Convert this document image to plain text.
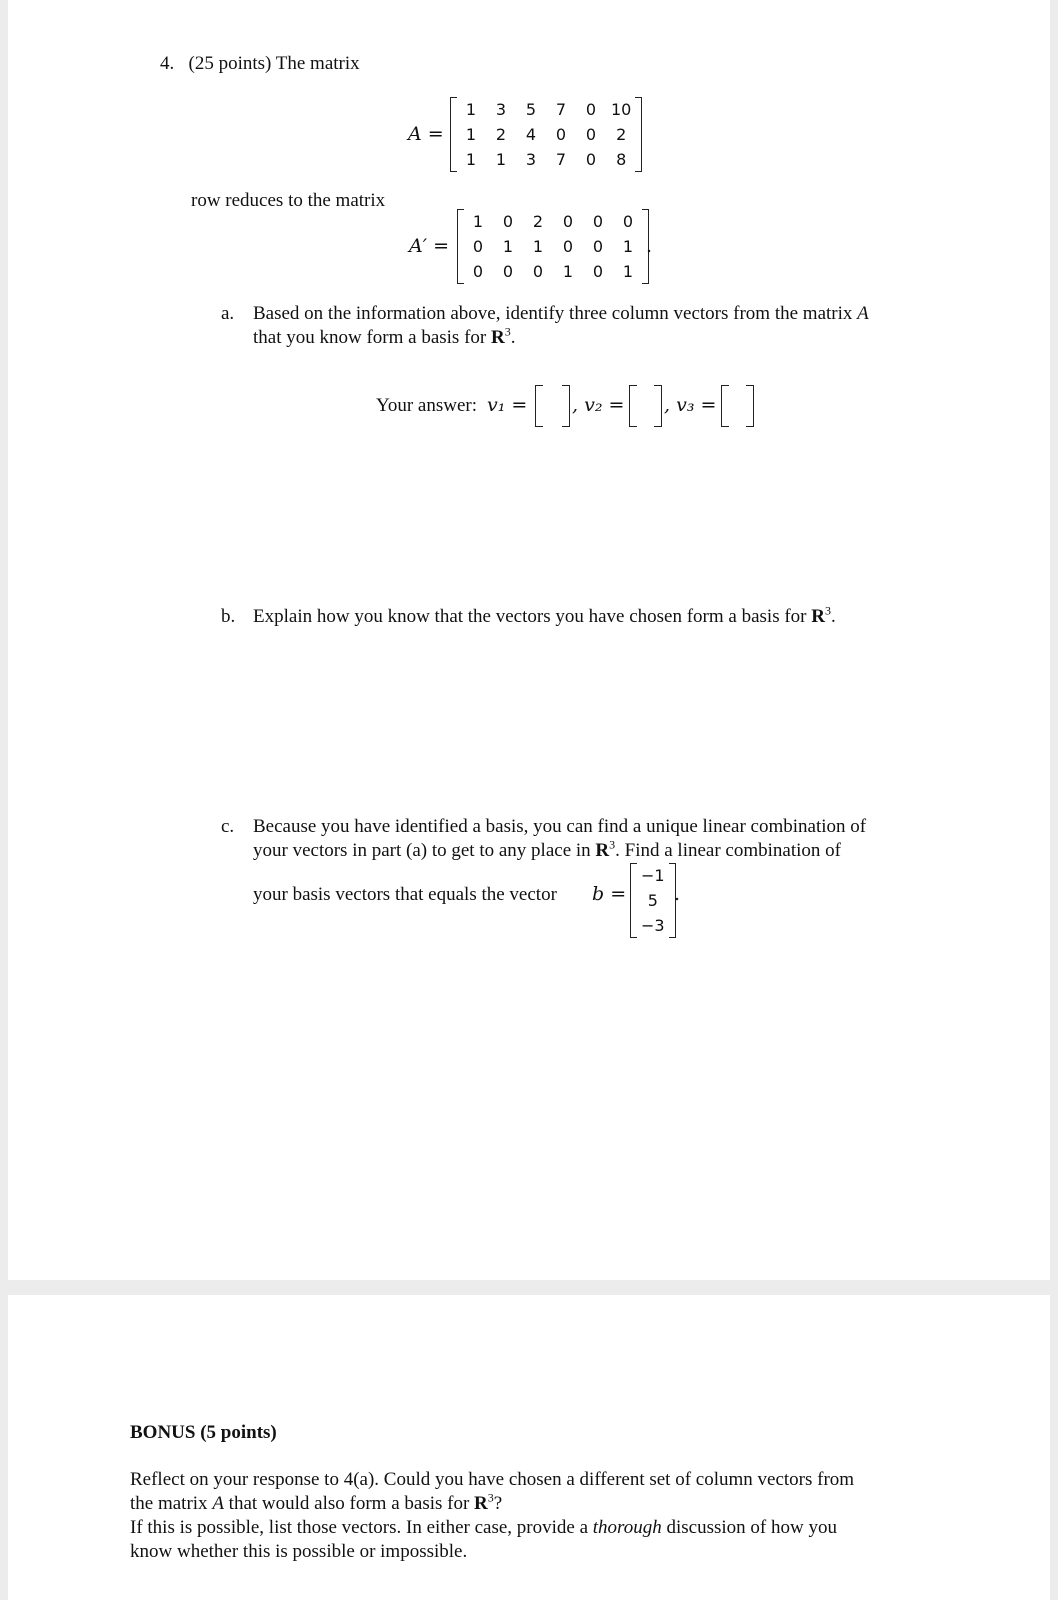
4. (25 points) The matrix
A =
1	3	5	7	0	10
1	2	4	0	0	2
1	1	3	7	0	8
row reduces to the matrix
A′ =
1	0	2	0	0	0
0	1	1	0	0	1
0	0	0	1	0	1
.
a. Based on the information above, identify three column vectors from the matrix A
that you know form a basis for $R^3$.
Your answer: v₁ = , v₂ = , v₃ =
b. Explain how you know that the vectors you have chosen form a basis for $R^3$.
c. Because you have identified a basis, you can find a unique linear combination of
your vectors in part (a) to get to any place in $R^3$. Find a linear combination of
your basis vectors that equals the vector b =
−1
5
−3
.
BONUS (5 points)
Reflect on your response to 4(a). Could you have chosen a different set of column vectors from
the matrix A that would also form a basis for $R^3$?
If this is possible, list those vectors. In either case, provide a thorough discussion of how you
know whether this is possible or impossible.
